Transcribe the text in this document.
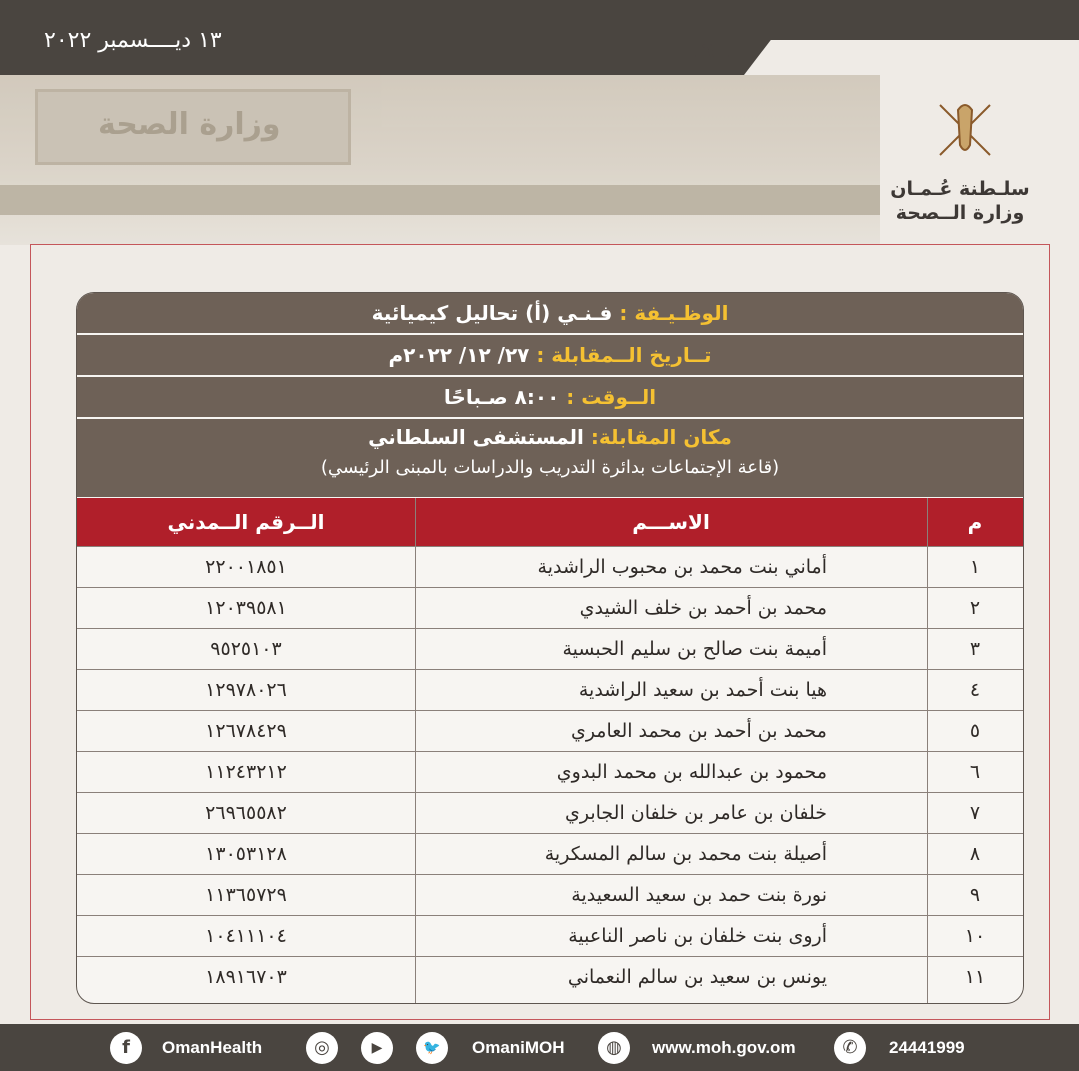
١٣ ديــــسمبر ٢٠٢٢	ـ ٦ ـ
وزارة الصحة
سلـطنة عُـمـان
وزارة الــصحة
الوظـيـفة : فـنـي (أ) تحاليل كيميائية
تــاريخ الــمقابلة : ٢٧/ ١٢/ ٢٠٢٢م
الــوقت : ٨:٠٠ صـباحًا
مكان المقابلة: المستشفى السلطاني
(قاعة الإجتماعات بدائرة التدريب والدراسات بالمبنى الرئيسي)
الــرقم الــمدني	الاســـم	م
٢٢٠٠١٨٥١	أماني بنت محمد بن محبوب الراشدية	١
١٢٠٣٩٥٨١	محمد بن أحمد بن خلف الشيدي	٢
٩٥٢٥١٠٣	أميمة بنت صالح بن سليم الحبسية	٣
١٢٩٧٨٠٢٦	هيا بنت أحمد بن سعيد الراشدية	٤
١٢٦٧٨٤٢٩	محمد بن أحمد بن محمد العامري	٥
١١٢٤٣٢١٢	محمود بن عبدالله بن محمد البدوي	٦
٢٦٩٦٥٥٨٢	خلفان بن عامر بن خلفان الجابري	٧
١٣٠٥٣١٢٨	أصيلة بنت محمد بن سالم المسكرية	٨
١١٣٦٥٧٢٩	نورة بنت حمد بن سعيد السعيدية	٩
١٠٤١١١٠٤	أروى بنت خلفان بن ناصر الناعبية	١٠
١٨٩١٦٧٠٣	يونس بن سعيد بن سالم النعماني	١١
f	OmanHealth	◎	▶	🐦	OmaniMOH	◍	www.moh.gov.om	✆	24441999
